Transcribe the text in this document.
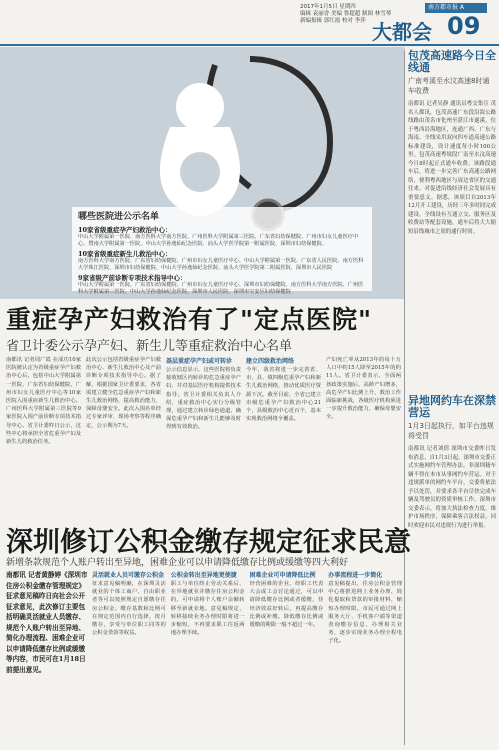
2017年1月5日 星期四
编辑 袁丽香 美编 鲁超超 制图 林雪琴
新编报辑 郭红霞 校对 李萍
南方都市报 A
大都会 09
哪些医院进公示名单
10家省级重症孕产妇救治中心：
中山大学附属第一医院、南方医科大学南方医院、广州医科大学附属第三医院、广东省妇幼保健院、广州市妇女儿童医疗中心、暨南大学附属第一医院、中山大学孙逸仙纪念医院、汕头大学医学院第一附属医院、深圳市妇幼保健院、
10家省级重症新生儿救治中心：
南方医科大学南方医院、广东省妇幼保健院、广州市妇女儿童医疗中心、中山大学附属第一医院、广东省人民医院、南方医科大学珠江医院、深圳市妇幼保健院、中山大学孙逸仙纪念医院、汕头大学医学院第二附属医院、深圳市人民医院
9家省级产前诊断专项技术指导中心：
中山大学附属第一医院、广东省妇幼保健院、广州市妇女儿童医疗中心、深圳市妇幼保健院、南方医科大学南方医院、广州医科大学附属第三医院、中山大学孙逸仙纪念医院、深圳市人民医院、深圳市宝安区妇幼保健院
包茂高速路今日全线通
广南考溪至水汶高速8时通车收费
南都讯 记者吴静 通讯员粤交集宣 茂名人都讯，包茂高速广东段沿海公路线路由茂名市化州至湛江市遂溪，位于粤西沿海地区，连通广西、广东与海南。全线采用双向四车道高速公路标准建设，设计速度每小时100公里。包茂高速粤境段广南至水汶高速今日8时起正式通车收费。该路段通车后，将进一步完善广东高速公路网络，便利粤西地区与周边省区的交通往来，对促进沿线经济社会发展具有重要意义。据悉，该项目自2013年12月开工建设，历经三年多时间完成建设，全线设有互通立交、服务区及收费站等配套设施，通车后将大大缩短沿线城市之间的通行时间。
异地网约车在深禁营运
1月3日起执行，如平台违规将受罚
南都讯 记者刘倩 深圳市交委昨日发布消息，自1月3日起，深圳市交委正式实施网约车管理办法，非深圳籍车辆不得在本市从事网约车营运。对于违规派单的网约车平台，交委将依法予以处罚，并要求各平台尽快完成车辆及驾驶员的资质审核工作。深圳市交委表示，将加大执法检查力度，维护市场秩序，保障乘客合法权益，同时欢迎市民对违规行为进行举报。
重症孕产妇救治有了"定点医院"
省卫计委公示孕产妇、新生儿等重症救治中心名单
南都讯 记者周广霞 在成功10家医院被认定为省级重症孕产妇救治中心后，包括中山大学附属第一医院、广东省妇幼保健院、广州市妇女儿童医疗中心等10家医院入围重症新生儿救治中心。广州医科大学附属第三医院等9家医院入围产前诊断专项技术指导中心。省卫计委昨日公示，这些中心将承担全省危重孕产妇及新生儿的救治任务。
此次公示包括省级重症孕产妇救治中心、新生儿救治中心及产前诊断专项技术指导中心。据了解，根据国家卫计委要求，各省需建立健全危急重症孕产妇和新生儿救治网络，提高救治能力，保障母婴安全。此次入围名单经过专家评审、现场考察等程序确定，公示期为7天。
基层重症孕产妇或可转诊
公示信息显示，这些医院将负责接收辖区内转诊的危急重症孕产妇，并对基层医疗机构提供技术指导。省卫计委相关负责人介绍，重症救治中心实行分级管理，通过建立转诊绿色通道，确保危重孕产妇和新生儿能够及时得到有效救治。
建立四级救治网络
今年，我省将进一步完善省、市、县、镇四级危重孕产妇和新生儿救治网络，推动优质医疗资源下沉。截至目前，全省已建立市级危重孕产妇救治中心21个，县级救治中心近百个，基本实现救治网络全覆盖。
产妇死亡率从2013年的每十万人口中约15人降至2015年的约11人。省卫计委表示，全面两孩政策实施后，高龄产妇增多，高危孕产妇比例上升，救治工作面临新挑战，各级医疗机构须进一步提升救治能力，确保母婴安全。
深圳修订公积金缴存规定征求民意
新增条款规范个人账户转出至异地，困难企业可以申请降低缴存比例或缓缴等四大利好
南都讯 记者黄静婷《深圳市住房公积金缴存管理规定》征求意见稿昨日向社会公开征求意见，此次修订主要包括明确灵活就业人员缴存、规范个人账户转出至异地、简化办理流程、困难企业可以申请降低缴存比例或缓缴等内容，市民可在1月18日前提出意见。
灵活就业人员可缴存公积金
征求意见稿明确，在深圳灵活就业的个体工商户、自由职业者等可以按照规定自愿缴存住房公积金。缴存基数和比例可在规定范围内自行选择，按月缴存，享受与单位职工同等的公积金贷款等权益。
公积金转出至异地更便捷
职工与单位终止劳动关系后，在异地就业并缴存住房公积金的，可申请将个人账户余额转移至新就业地。意见稿规定，转移接续业务办理时限将进一步缩短，不再要求职工往返两地办理手续。
困难企业可申请降低比例
经营困难的企业，经职工代表大会或工会讨论通过，可以申请降低缴存比例或者缓缴，待经济效益好转后，再提高缴存比例或补缴。降低缴存比例或缓缴的期限一般不超过一年。
办事流程进一步简化
意见稿提出，住房公积金管理中心将推进网上业务办理，简化提取和贷款的审批材料，缩短办理时限。市民可通过网上服务大厅、手机客户端等渠道查询缴存信息、办理相关业务，逐步实现业务办理全程电子化。
